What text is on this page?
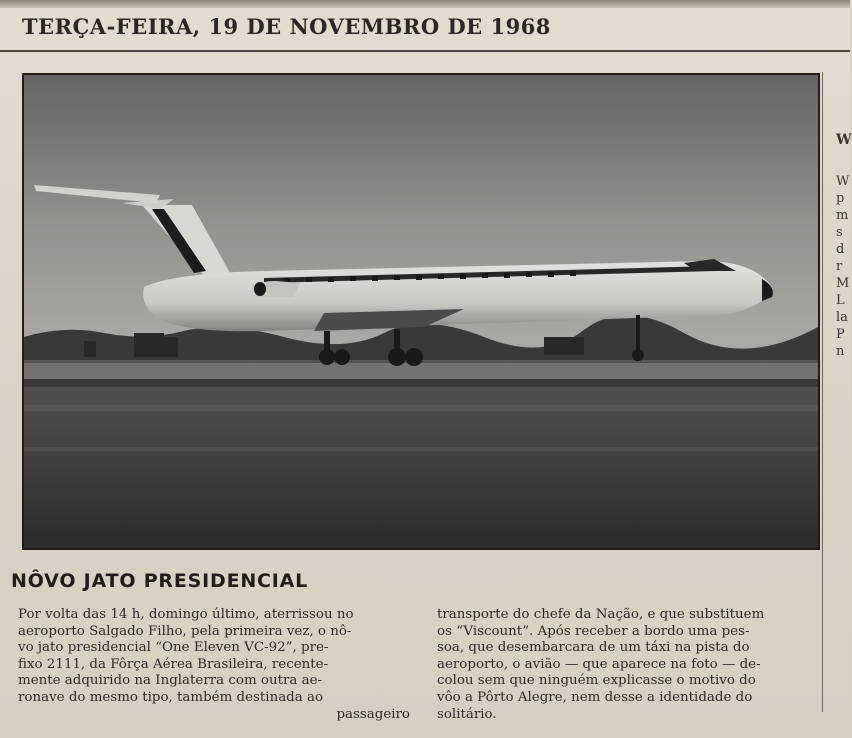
TERÇA-FEIRA, 19 DE NOVEMBRO DE 1968
W
W
p
m
s
d
r
M
L
la
P
n
NÔVO JATO PRESIDENCIAL

Por volta das 14 h, domingo último, aterrissou no

aeroporto Salgado Filho, pela primeira vez, o nô-

vo jato presidencial “One Eleven VC-92”, pre-

fixo 2111, da Fôrça Aérea Brasileira, recente-

mente adquirido na Inglaterra com outra ae-

ronave do mesmo tipo, também destinada ao

passageiro

transporte do chefe da Nação, e que substituem

os “Viscount”. Após receber a bordo uma pes-

soa, que desembarcara de um táxi na pista do

aeroporto, o avião — que aparece na foto — de-

colou sem que ninguém explicasse o motivo do

vôo a Pôrto Alegre, nem desse a identidade do

solitário.
